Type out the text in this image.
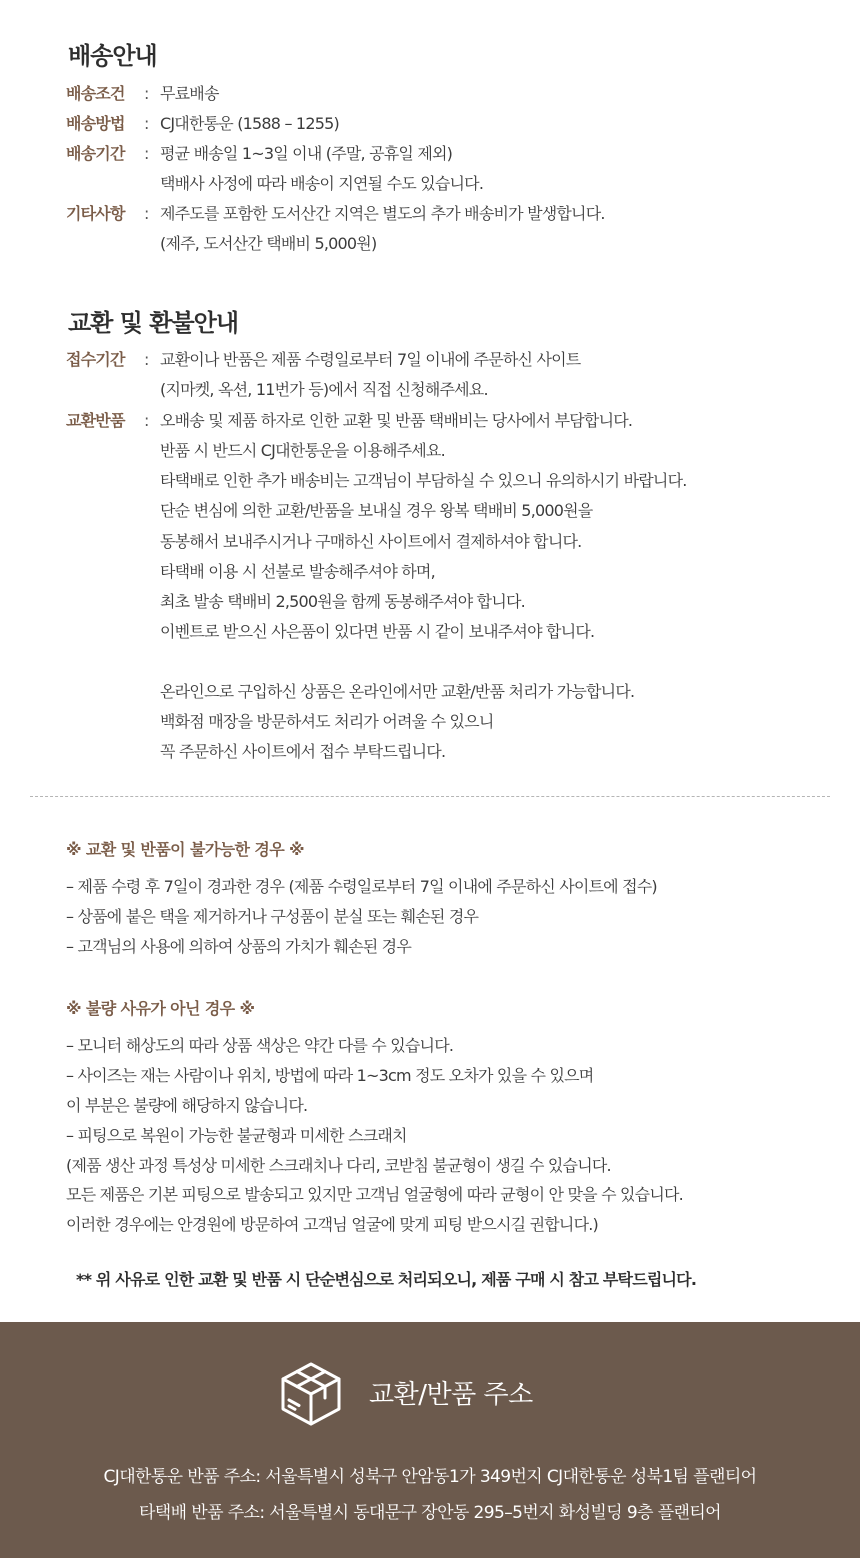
배송안내
배송조건 : 무료배송
배송방법 : CJ대한통운 (1588 – 1255)
배송기간 : 평균 배송일 1~3일 이내 (주말, 공휴일 제외)
택배사 사정에 따라 배송이 지연될 수도 있습니다.
기타사항 : 제주도를 포함한 도서산간 지역은 별도의 추가 배송비가 발생합니다.
(제주, 도서산간 택배비 5,000원)
교환 및 환불안내
접수기간 : 교환이나 반품은 제품 수령일로부터 7일 이내에 주문하신 사이트
(지마켓, 옥션, 11번가 등)에서 직접 신청해주세요.
교환반품 : 오배송 및 제품 하자로 인한 교환 및 반품 택배비는 당사에서 부담합니다.
반품 시 반드시 CJ대한통운을 이용해주세요.
타택배로 인한 추가 배송비는 고객님이 부담하실 수 있으니 유의하시기 바랍니다.
단순 변심에 의한 교환/반품을 보내실 경우 왕복 택배비 5,000원을
동봉해서 보내주시거나 구매하신 사이트에서 결제하셔야 합니다.
타택배 이용 시 선불로 발송해주셔야 하며,
최초 발송 택배비 2,500원을 함께 동봉해주셔야 합니다.
이벤트로 받으신 사은품이 있다면 반품 시 같이 보내주셔야 합니다.
온라인으로 구입하신 상품은 온라인에서만 교환/반품 처리가 가능합니다.
백화점 매장을 방문하셔도 처리가 어려울 수 있으니
꼭 주문하신 사이트에서 접수 부탁드립니다.
※ 교환 및 반품이 불가능한 경우 ※
– 제품 수령 후 7일이 경과한 경우 (제품 수령일로부터 7일 이내에 주문하신 사이트에 접수)
– 상품에 붙은 택을 제거하거나 구성품이 분실 또는 훼손된 경우
– 고객님의 사용에 의하여 상품의 가치가 훼손된 경우
※ 불량 사유가 아닌 경우 ※
– 모니터 해상도의 따라 상품 색상은 약간 다를 수 있습니다.
– 사이즈는 재는 사람이나 위치, 방법에 따라 1~3cm 정도 오차가 있을 수 있으며
이 부분은 불량에 해당하지 않습니다.
– 피팅으로 복원이 가능한 불균형과 미세한 스크래치
(제품 생산 과정 특성상 미세한 스크래치나 다리, 코받침 불균형이 생길 수 있습니다.
모든 제품은 기본 피팅으로 발송되고 있지만 고객님 얼굴형에 따라 균형이 안 맞을 수 있습니다.
이러한 경우에는 안경원에 방문하여 고객님 얼굴에 맞게 피팅 받으시길 권합니다.)
** 위 사유로 인한 교환 및 반품 시 단순변심으로 처리되오니, 제품 구매 시 참고 부탁드립니다.
교환/반품 주소
CJ대한통운 반품 주소: 서울특별시 성북구 안암동1가 349번지 CJ대한통운 성북1팀 플랜티어
타택배 반품 주소: 서울특별시 동대문구 장안동 295–5번지 화성빌딩 9층 플랜티어
